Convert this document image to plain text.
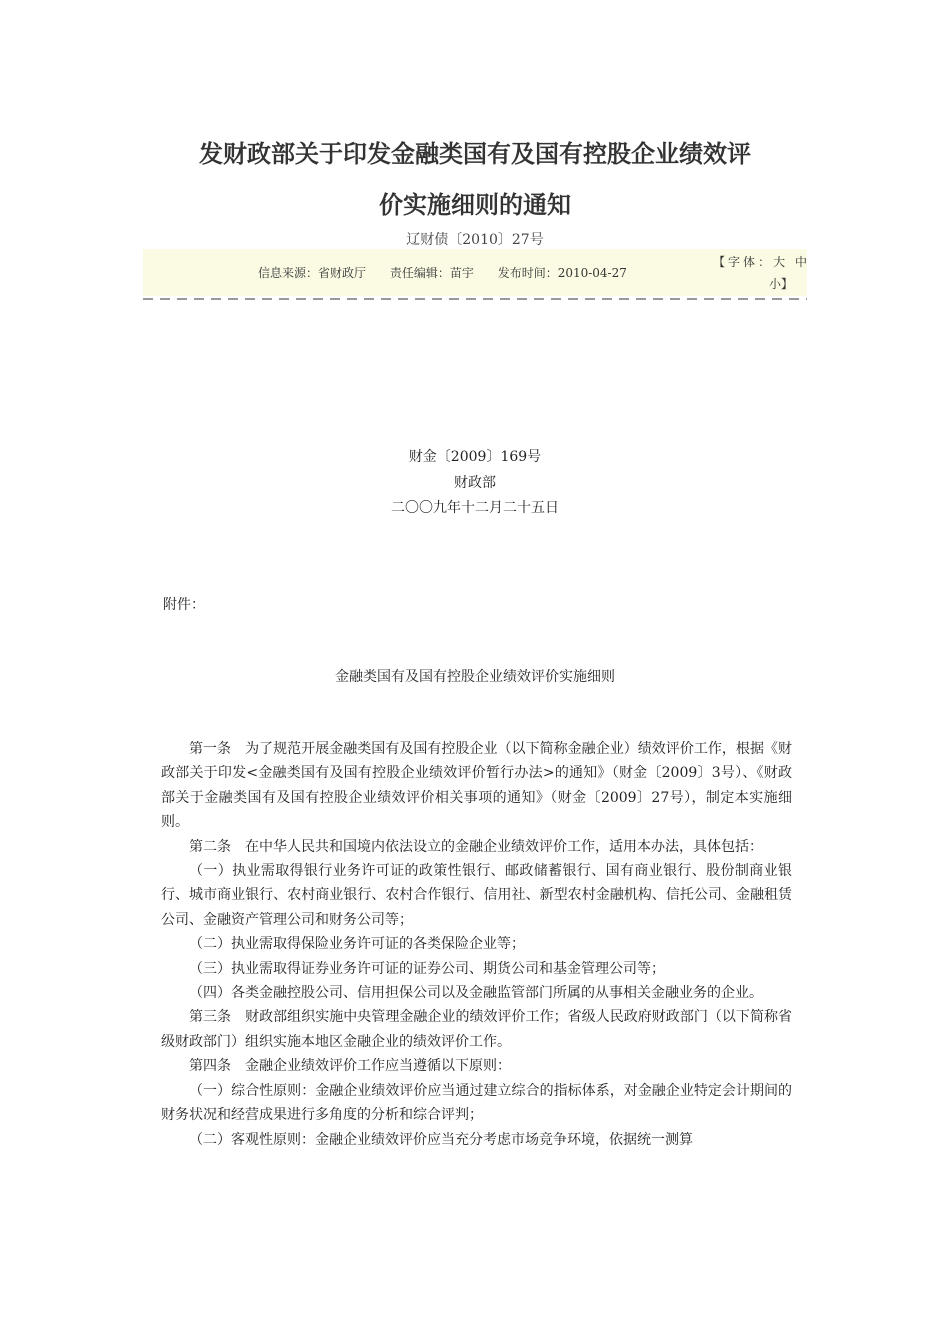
发财政部关于印发金融类国有及国有控股企业绩效评
价实施细则的通知
辽财债〔2010〕27号
信息来源：省财政厅 责任编辑：苗宇 发布时间：2010-04-27
【字体：大 中
小】
财金〔2009〕169号
财政部
二〇〇九年十二月二十五日
附件：
金融类国有及国有控股企业绩效评价实施细则

第一条　为了规范开展金融类国有及国有控股企业（以下简称金融企业）绩效评价工作，根据《财政部关于印发<金融类国有及国有控股企业绩效评价暂行办法>的通知》（财金〔2009〕3号）、《财政部关于金融类国有及国有控股企业绩效评价相关事项的通知》（财金〔2009〕27号），制定本实施细则。

第二条　在中华人民共和国境内依法设立的金融企业绩效评价工作，适用本办法，具体包括：

（一）执业需取得银行业务许可证的政策性银行、邮政储蓄银行、国有商业银行、股份制商业银行、城市商业银行、农村商业银行、农村合作银行、信用社、新型农村金融机构、信托公司、金融租赁公司、金融资产管理公司和财务公司等；

（二）执业需取得保险业务许可证的各类保险企业等；

（三）执业需取得证券业务许可证的证券公司、期货公司和基金管理公司等；

（四）各类金融控股公司、信用担保公司以及金融监管部门所属的从事相关金融业务的企业。

第三条　财政部组织实施中央管理金融企业的绩效评价工作；省级人民政府财政部门（以下简称省级财政部门）组织实施本地区金融企业的绩效评价工作。

第四条　金融企业绩效评价工作应当遵循以下原则：

（一）综合性原则：金融企业绩效评价应当通过建立综合的指标体系，对金融企业特定会计期间的财务状况和经营成果进行多角度的分析和综合评判；

（二）客观性原则：金融企业绩效评价应当充分考虑市场竞争环境，依据统一测算
